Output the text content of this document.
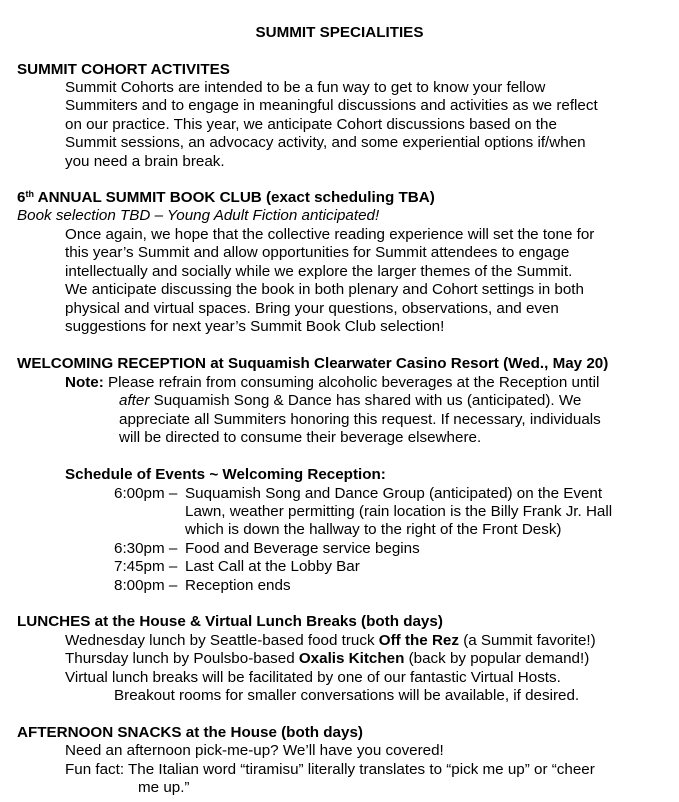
SUMMIT SPECIALITIES
SUMMIT COHORT ACTIVITES
Summit Cohorts are intended to be a fun way to get to know your fellow
Summiters and to engage in meaningful discussions and activities as we reflect
on our practice. This year, we anticipate Cohort discussions based on the
Summit sessions, an advocacy activity, and some experiential options if/when
you need a brain break.
6th ANNUAL SUMMIT BOOK CLUB (exact scheduling TBA)
Book selection TBD – Young Adult Fiction anticipated!
Once again, we hope that the collective reading experience will set the tone for
this year’s Summit and allow opportunities for Summit attendees to engage
intellectually and socially while we explore the larger themes of the Summit.
We anticipate discussing the book in both plenary and Cohort settings in both
physical and virtual spaces. Bring your questions, observations, and even
suggestions for next year’s Summit Book Club selection!
WELCOMING RECEPTION at Suquamish Clearwater Casino Resort (Wed., May 20)
Note: Please refrain from consuming alcoholic beverages at the Reception until
after Suquamish Song & Dance has shared with us (anticipated). We
appreciate all Summiters honoring this request. If necessary, individuals
will be directed to consume their beverage elsewhere.
Schedule of Events ~ Welcoming Reception:
6:00pm – Suquamish Song and Dance Group (anticipated) on the Event
Lawn, weather permitting (rain location is the Billy Frank Jr. Hall
which is down the hallway to the right of the Front Desk)
6:30pm – Food and Beverage service begins
7:45pm – Last Call at the Lobby Bar
8:00pm – Reception ends
LUNCHES at the House & Virtual Lunch Breaks (both days)
Wednesday lunch by Seattle-based food truck Off the Rez (a Summit favorite!)
Thursday lunch by Poulsbo-based Oxalis Kitchen (back by popular demand!)
Virtual lunch breaks will be facilitated by one of our fantastic Virtual Hosts.
Breakout rooms for smaller conversations will be available, if desired.
AFTERNOON SNACKS at the House (both days)
Need an afternoon pick-me-up? We’ll have you covered!
Fun fact: The Italian word “tiramisu” literally translates to “pick me up” or “cheer
me up.”
